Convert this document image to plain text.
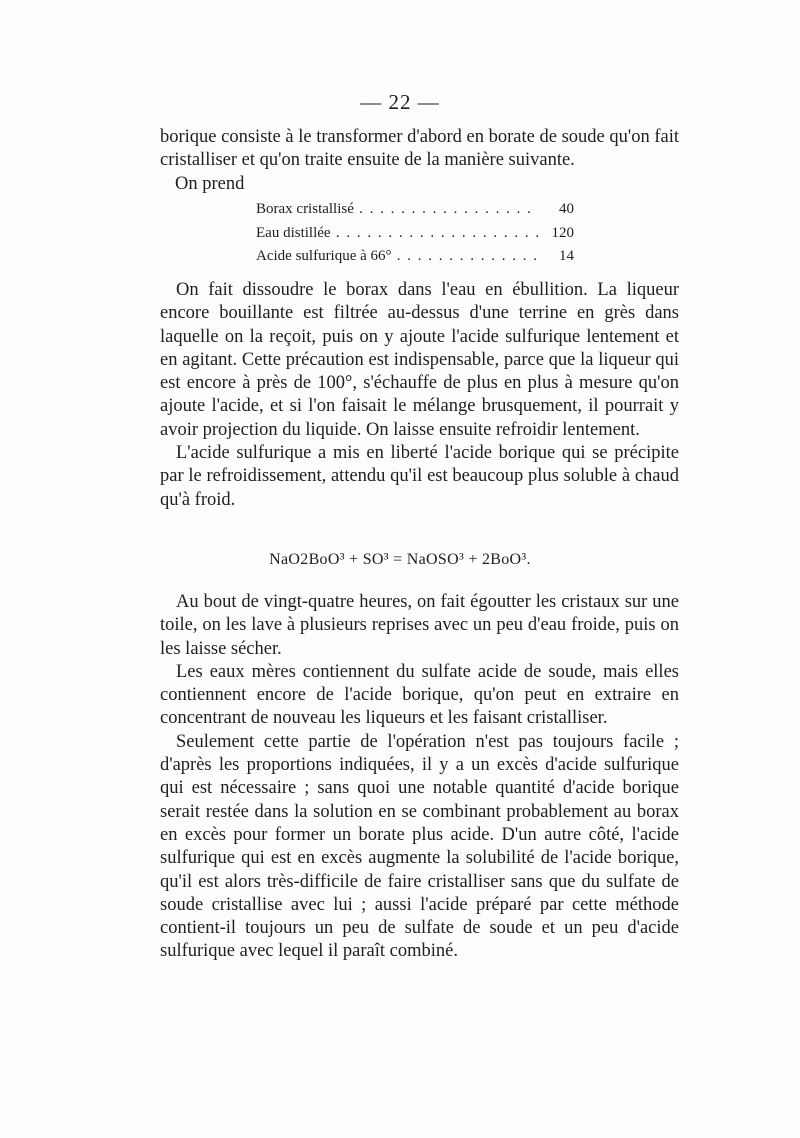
— 22 —

borique consiste à le transformer d'abord en borate de soude qu'on fait cristalliser et qu'on traite ensuite de la manière suivante.

On prend
Borax cristallisé . . .	40
Eau distillée . . .	120
Acide sulfurique à 66° . . .	14

On fait dissoudre le borax dans l'eau en ébullition. La liqueur encore bouillante est filtrée au-dessus d'une terrine en grès dans laquelle on la reçoit, puis on y ajoute l'acide sulfurique lentement et en agitant. Cette précaution est indispensable, parce que la liqueur qui est encore à près de 100°, s'échauffe de plus en plus à mesure qu'on ajoute l'acide, et si l'on faisait le mélange brusquement, il pourrait y avoir projection du liquide. On laisse ensuite refroidir lentement.

L'acide sulfurique a mis en liberté l'acide borique qui se précipite par le refroidissement, attendu qu'il est beaucoup plus soluble à chaud qu'à froid.

NaO2BoO³ + SO³ = NaOSO³ + 2BoO³.

Au bout de vingt-quatre heures, on fait égoutter les cristaux sur une toile, on les lave à plusieurs reprises avec un peu d'eau froide, puis on les laisse sécher.

Les eaux mères contiennent du sulfate acide de soude, mais elles contiennent encore de l'acide borique, qu'on peut en extraire en concentrant de nouveau les liqueurs et les faisant cristalliser.

Seulement cette partie de l'opération n'est pas toujours facile ; d'après les proportions indiquées, il y a un excès d'acide sulfurique qui est nécessaire ; sans quoi une notable quantité d'acide borique serait restée dans la solution en se combinant probablement au borax en excès pour former un borate plus acide. D'un autre côté, l'acide sulfurique qui est en excès augmente la solubilité de l'acide borique, qu'il est alors très-difficile de faire cristalliser sans que du sulfate de soude cristallise avec lui ; aussi l'acide préparé par cette méthode contient-il toujours un peu de sulfate de soude et un peu d'acide sulfurique avec lequel il paraît combiné.
